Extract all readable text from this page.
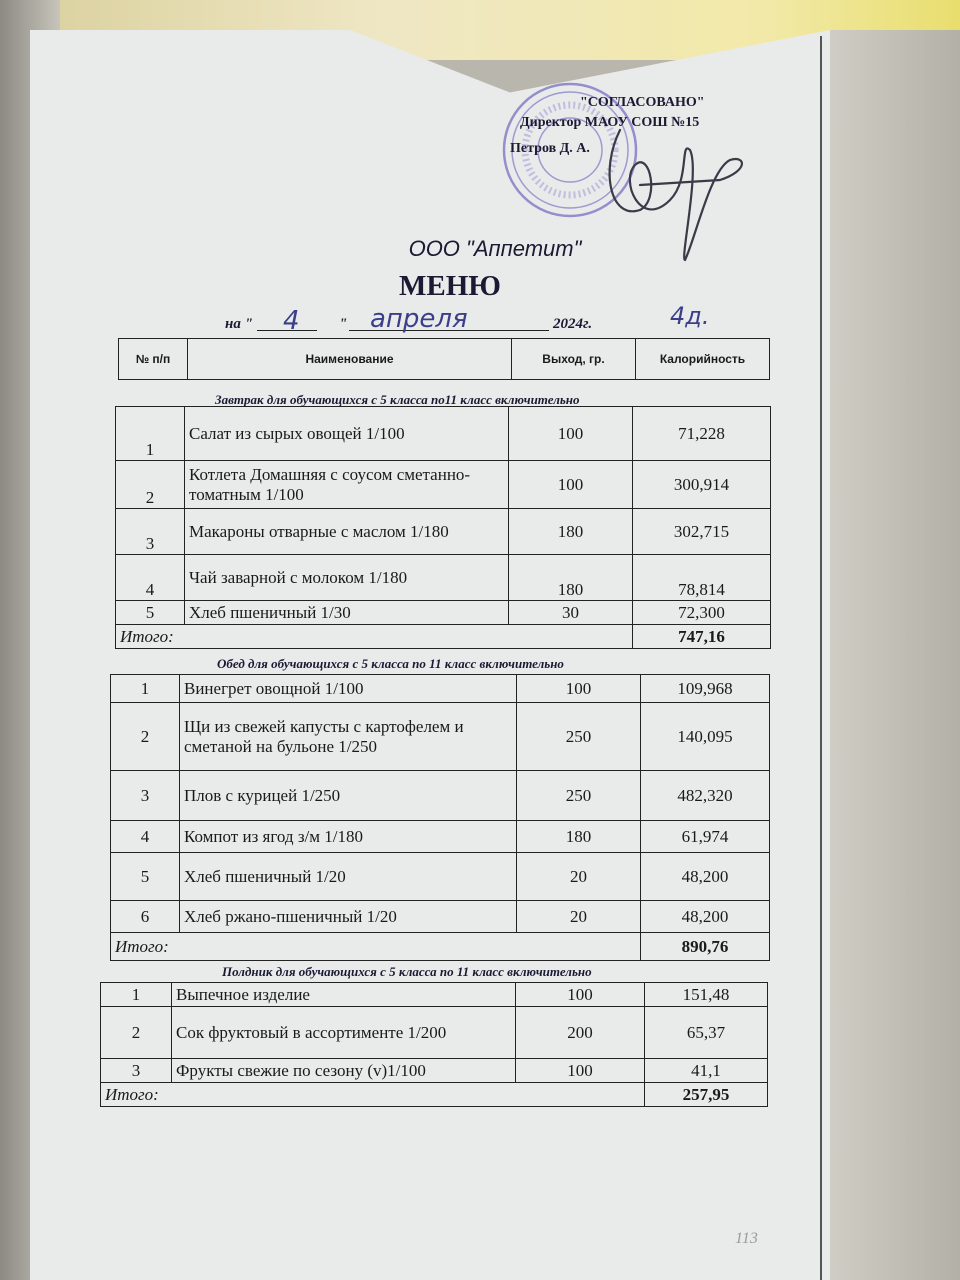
"СОГЛАСОВАНО"
Директор МАОУ СОШ №15
Петров Д. А.
ООО "Аппетит"
МЕНЮ
на " 4	" апреля	2024г.	4д.
№ п/п	Наименование	Выход, гр.	Калорийность
Завтрак для обучающихся с 5 класса по11 класс включительно
1	Салат из сырых овощей 1/100	100	71,228
2	Котлета Домашняя с соусом сметанно-томатным 1/100	100	300,914
3	Макароны отварные с маслом 1/180	180	302,715
4	Чай заварной с молоком 1/180	180	78,814
5	Хлеб пшеничный 1/30	30	72,300
Итого:			747,16
Обед для обучающихся с 5 класса по 11 класс включительно
1	Винегрет овощной 1/100	100	109,968
2	Щи из свежей капусты с картофелем и сметаной на бульоне 1/250	250	140,095
3	Плов с курицей 1/250	250	482,320
4	Компот из ягод з/м 1/180	180	61,974
5	Хлеб пшеничный 1/20	20	48,200
6	Хлеб ржано-пшеничный 1/20	20	48,200
Итого:			890,76
Полдник для обучающихся с 5 класса по 11 класс включительно
1	Выпечное изделие	100	151,48
2	Сок фруктовый в ассортименте 1/200	200	65,37
3	Фрукты свежие по сезону (v)1/100	100	41,1
Итого:			257,95
113
